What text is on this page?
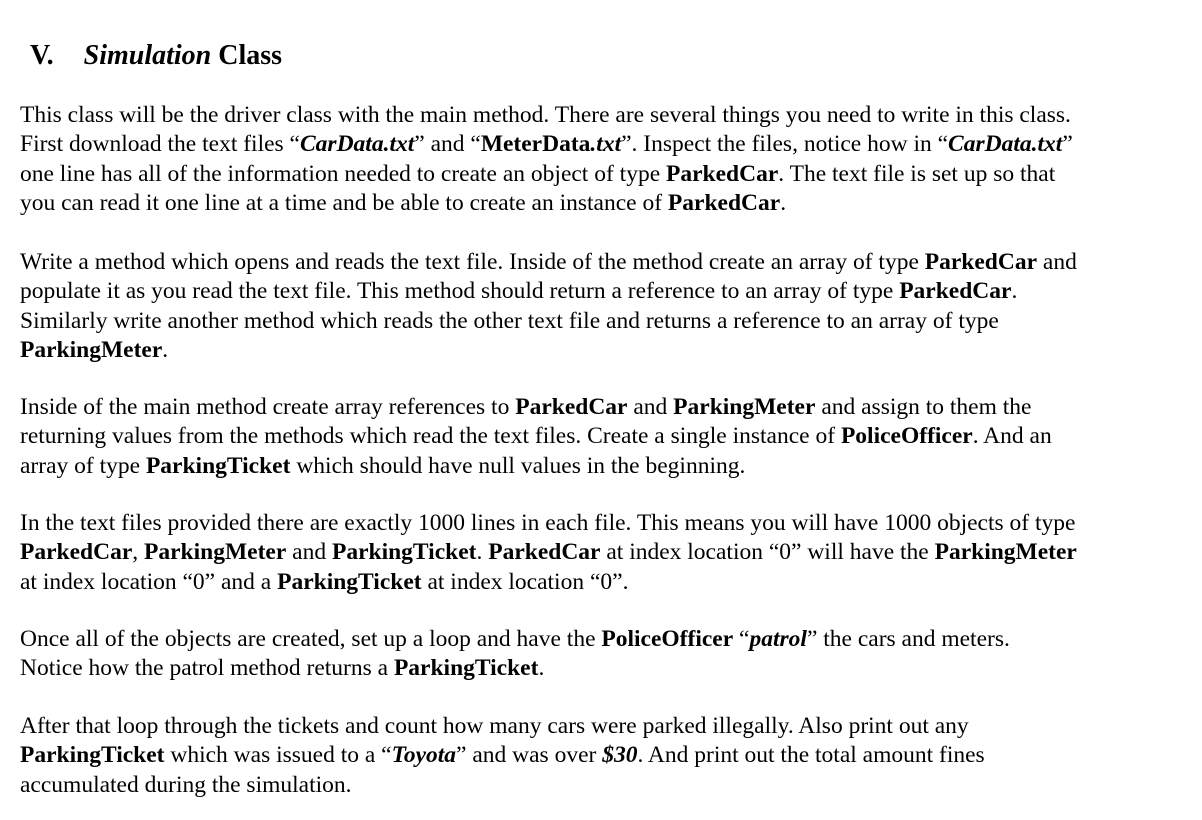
V. Simulation Class

This class will be the driver class with the main method. There are several things you need to write in this class.
First download the text files “CarData.txt” and “MeterData.txt”. Inspect the files, notice how in “CarData.txt”
one line has all of the information needed to create an object of type ParkedCar. The text file is set up so that
you can read it one line at a time and be able to create an instance of ParkedCar.

Write a method which opens and reads the text file. Inside of the method create an array of type ParkedCar and
populate it as you read the text file. This method should return a reference to an array of type ParkedCar.
Similarly write another method which reads the other text file and returns a reference to an array of type
ParkingMeter.

Inside of the main method create array references to ParkedCar and ParkingMeter and assign to them the
returning values from the methods which read the text files. Create a single instance of PoliceOfficer. And an
array of type ParkingTicket which should have null values in the beginning.

In the text files provided there are exactly 1000 lines in each file. This means you will have 1000 objects of type
ParkedCar, ParkingMeter and ParkingTicket. ParkedCar at index location “0” will have the ParkingMeter
at index location “0” and a ParkingTicket at index location “0”.

Once all of the objects are created, set up a loop and have the PoliceOfficer “patrol” the cars and meters.
Notice how the patrol method returns a ParkingTicket.

After that loop through the tickets and count how many cars were parked illegally. Also print out any
ParkingTicket which was issued to a “Toyota” and was over $30. And print out the total amount fines
accumulated during the simulation.
